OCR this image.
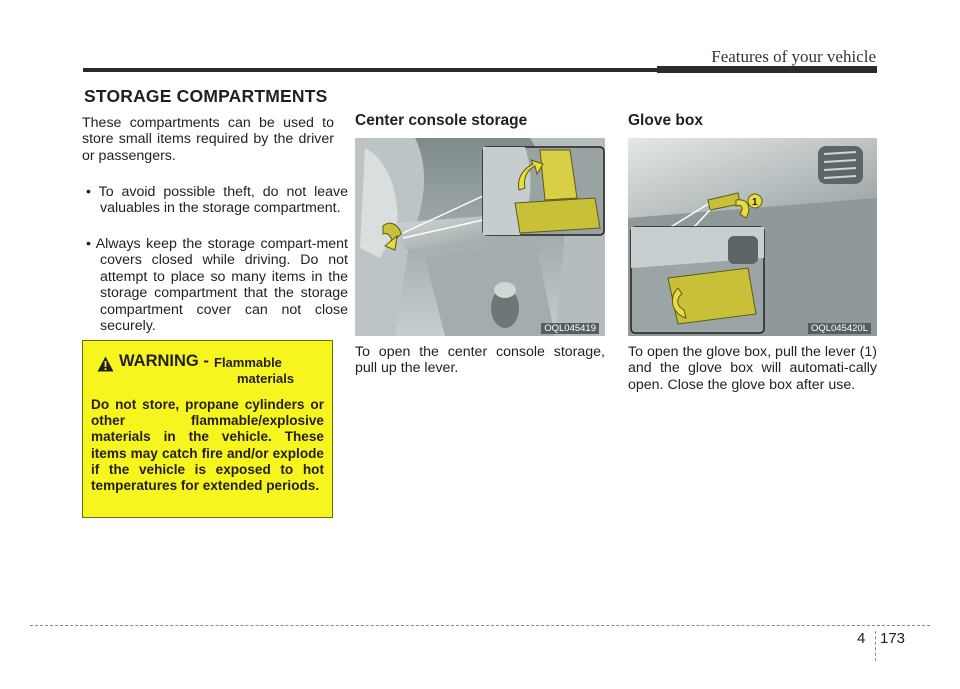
Features of your vehicle
STORAGE COMPARTMENTS
These compartments can be used to store small items required by the driver or passengers.
• To avoid possible theft, do not leave valuables in the storage compartment.
• Always keep the storage compart-ment covers closed while driving. Do not attempt to place so many items in the storage compartment that the storage compartment cover can not close securely.
WARNING - Flammable
materials
Do not store, propane cylinders or other flammable/explosive materials in the vehicle. These items may catch fire and/or explode if the vehicle is exposed to hot temperatures for extended periods.
Center console storage
OQL045419
To open the center console storage, pull up the lever.
Glove box
1
OQL045420L
To open the glove box, pull the lever (1) and the glove box will automati-cally open. Close the glove box after use.
4 173
